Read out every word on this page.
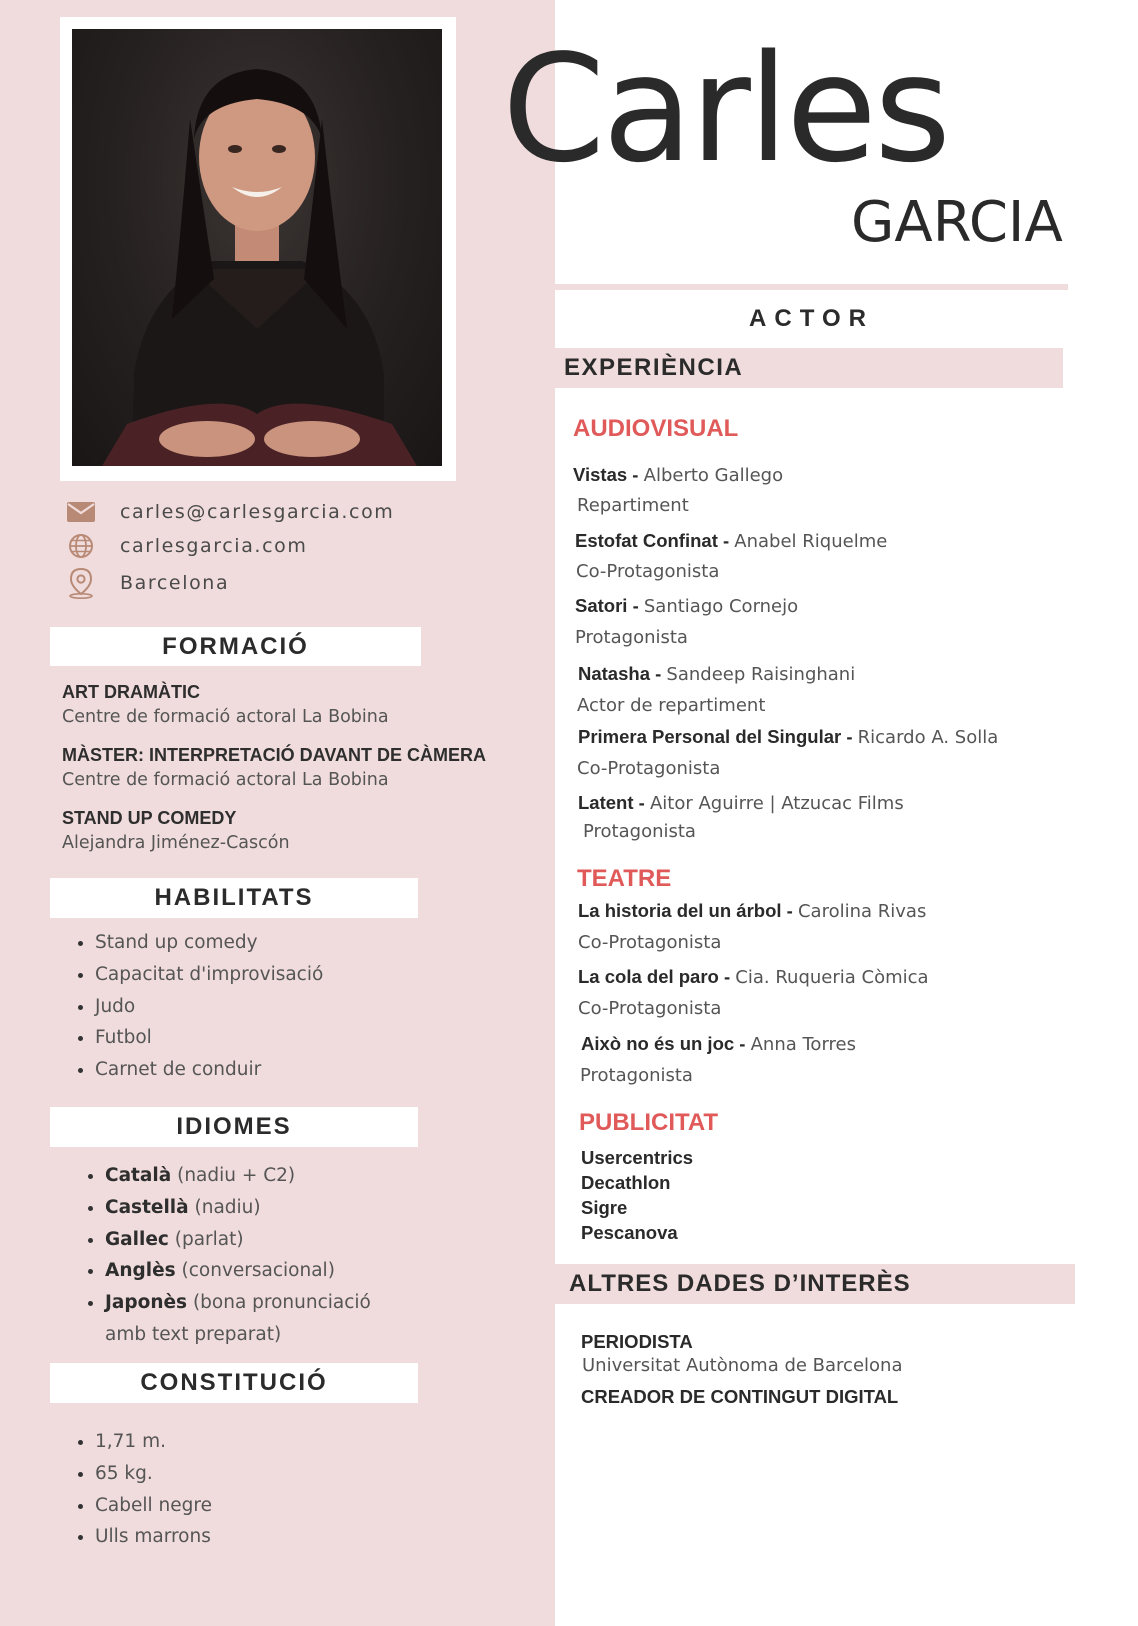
carles@carlesgarcia.com
carlesgarcia.com
Barcelona
FORMACIÓ
ART DRAMÀTIC
Centre de formació actoral La Bobina
MÀSTER: INTERPRETACIÓ DAVANT DE CÀMERA
Centre de formació actoral La Bobina
STAND UP COMEDY
Alejandra Jiménez-Cascón
HABILITATS
• Stand up comedy
• Capacitat d'improvisació
• Judo
• Futbol
• Carnet de conduir
IDIOMES
• Català (nadiu + C2)
• Castellà (nadiu)
• Gallec (parlat)
• Anglès (conversacional)
• Japonès (bona pronunciació
amb text preparat)
CONSTITUCIÓ
• 1,71 m.
• 65 kg.
• Cabell negre
• Ulls marrons
Carles
GARCIA
ACTOR
EXPERIÈNCIA
AUDIOVISUAL
Vistas - Alberto Gallego
Repartiment
Estofat Confinat - Anabel Riquelme
Co-Protagonista
Satori - Santiago Cornejo
Protagonista
Natasha - Sandeep Raisinghani
Actor de repartiment
Primera Personal del Singular - Ricardo A. Solla
Co-Protagonista
Latent - Aitor Aguirre | Atzucac Films
Protagonista
TEATRE
La historia del un árbol - Carolina Rivas
Co-Protagonista
La cola del paro - Cia. Ruqueria Còmica
Co-Protagonista
Això no és un joc - Anna Torres
Protagonista
PUBLICITAT
Usercentrics
Decathlon
Sigre
Pescanova
ALTRES DADES D’INTERÈS
PERIODISTA
Universitat Autònoma de Barcelona
CREADOR DE CONTINGUT DIGITAL
